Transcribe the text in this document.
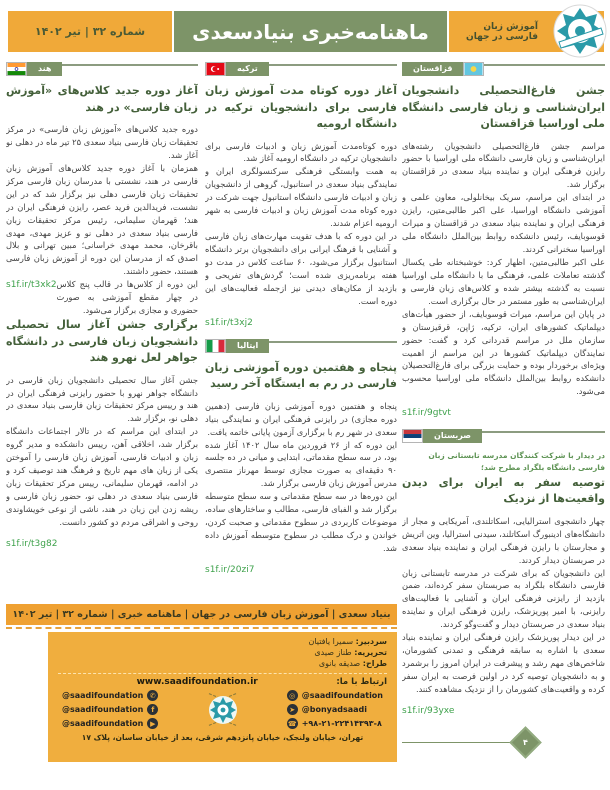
شماره ۳۲ | تیر ۱۴۰۲	ماهنامه‌خبری بنیادسعدی	آموزش زبان فارسی در جهان
قزاقستان
جشن فارغ‌التحصیلی دانشجویان ایران‌شناسی و زبان فارسی دانشگاه ملی اوراسیا قزاقستان

مراسم جشن فارغ‌التحصیلی دانشجویان رشته‌های ایران‌شناسی و زبان فارسی دانشگاه ملی اوراسیا با حضور رایزن فرهنگی ایران و نماینده بنیاد سعدی در قزاقستان برگزار شد.

در ابتدای این مراسم، سریک بیخانلولی، معاون علمی و آموزشی دانشگاه اوراسیا، علی اکبر طالبی‌متین، رایزن فرهنگی ایران و نماینده بنیاد سعدی در قزاقستان و میرات قوسوبایف، رئیس دانشکده روابط بین‌الملل دانشگاه ملی اوراسیا سخنرانی کردند.

علی اکبر طالبی‌متین، اظهار کرد: خوشبختانه طی یکسال گذشته تعاملات علمی، فرهنگی ما با دانشگاه ملی اوراسیا نسبت به گذشته بیشتر شده و کلاس‌های زبان فارسی و ایران‌شناسی به طور مستمر در حال برگزاری است.

در پایان این مراسم، میرات قوسوبایف، از حضور هیأت‌های دیپلماتیک کشورهای ایران، ترکیه، ژاپن، قرقیزستان و سازمان ملل در مراسم قدردانی کرد و گفت: حضور نمایندگان دیپلماتیک کشورها در این مراسم از اهمیت ویژه‌ای برخوردار بوده و حمایت بزرگی برای فارغ‌التحصیلان دانشکده روابط بین‌الملل دانشگاه ملی اوراسیا محسوب می‌شود.

s1f.ir/9gtvt
صربستان
در دیدار با شرکت کنندگان مدرسه تابستانی زبان فارسی دانشگاه بلگراد مطرح شد؛
توصیه سفر به ایران برای دیدن واقعیت‌ها از نزدیک

چهار دانشجوی استرالیایی، اسکاتلندی، آمریکایی و مجار از دانشگاه‌های ادینبورگ اسکاتلند، سیدنی استرالیا، وین اتریش و مجارستان با رایزن فرهنگی ایران و نماینده بنیاد سعدی در صربستان دیدار کردند.

این دانشجویان که برای شرکت در مدرسه تابستانی زبان فارسی دانشگاه بلگراد به صربستان سفر کرده‌اند، ضمن بازدید از رایزنی فرهنگی ایران و آشنایی با فعالیت‌های رایزنی، با امیر پوریزشک، رایزن فرهنگی ایران و نماینده بنیاد سعدی در صربستان دیدار و گفت‌وگو کردند.

در این دیدار پوریزشک رایزن فرهنگی ایران و نماینده بنیاد سعدی با اشاره به سابقه فرهنگی و تمدنی کشورمان، شاخص‌های مهم رشد و پیشرفت در ایران امروز را برشمرد و به دانشجویان توصیه کرد در اولین فرصت به ایران سفر کرده و واقعیت‌های کشورمان را از نزدیک مشاهده کنند.

s1f.ir/93yxe
۴
ترکیه
آغاز دوره کوتاه مدت آموزش زبان فارسی برای دانشجویان ترکیه در دانشگاه ارومیه

دوره کوتاه‌مدت آموزش زبان و ادبیات فارسی برای دانشجویان ترکیه در دانشگاه ارومیه آغاز شد.

به همت وابستگی فرهنگی سرکنسولگری ایران و نمایندگی بنیاد سعدی در استانبول، گروهی از دانشجویان زبان و ادبیات فارسی دانشگاه استانبول جهت شرکت در دوره کوتاه مدت آموزش زبان و ادبیات فارسی به شهر ارومیه اعزام شدند.

در این دوره که با هدف تقویت مهارت‌های زبان فارسی و آشنایی با فرهنگ ایرانی برای دانشجویان برتر دانشگاه استانبول برگزار می‌شود، ۶۰ ساعت کلاس در مدت دو هفته برنامه‌ریزی شده است؛ گردش‌های تفریحی و بازدید از مکان‌های دیدنی نیز ازجمله فعالیت‌های این دوره است.

s1f.ir/t3xj2
ایتالیا
پنجاه و هفتمین دوره آموزشی زبان فارسی در رم به ایستگاه آخر رسید

پنجاه و هفتمین دوره آموزشی زبان فارسی (دهمین دوره مجازی) در رایزنی فرهنگی ایران و نمایندگی بنیاد سعدی در شهر رم با برگزاری آزمون پایانی خاتمه یافت.

این دوره که از ۲۶ فروردین ماه سال ۱۴۰۲ آغاز شده بود، در سه سطح مقدماتی، ابتدایی و میانی در ده جلسه ۹۰ دقیقه‌ای به صورت مجازی توسط مهرناز منتصری مدرس آموزش زبان فارسی برگزار شد.

این دوره‌ها در سه سطح مقدماتی و سه سطح متوسطه برگزار شد و الفبای فارسی، مطالب و ساختارهای ساده، موضوعات کاربردی در سطوح مقدماتی و صحبت کردن، خواندن و درک مطلب در سطوح متوسطه آموزش داده شد.

s1f.ir/20zi7
هند
آغاز دوره جدید کلاس‌های «آموزش زبان فارسی» در هند

دوره جدید کلاس‌های «آموزش زبان فارسی» در مرکز تحقیقات زبان فارسی بنیاد سعدی ۲۵ تیر ماه در دهلی نو آغاز شد.

همزمان با آغاز دوره جدید کلاس‌های آموزش زبان فارسی در هند، نشستی با مدرسان زبان فارسی مرکز تحقیقات زبان فارسی دهلی نیز برگزار شد که در این نشست، فریدالدین فرید عصر، رایزن فرهنگی ایران در هند؛ قهرمان سلیمانی، رئیس مرکز تحقیقات زبان فارسی بنیاد سعدی در دهلی نو و عزیز مهدی، مهدی باقرخان، محمد مهدی خراسانی؛ مبین تهرانی و بلال اصدق که از مدرسان این دوره از آموزش زبان فارسی هستند، حضور داشتند.

s1f.ir/t3xk2 این دوره از کلاس‌ها در قالب پنج کلاس در چهار مقطع آموزشی به صورت حضوری و مجازی برگزار می‌شود.

برگزاری جشن آغاز سال تحصیلی دانشجویان زبان فارسی در دانشگاه جواهر لعل نهرو هند

جشن آغاز سال تحصیلی دانشجویان زبان فارسی در دانشگاه جواهر نهرو با حضور رایزنی فرهنگی ایران در هند و رییس مرکز تحقیقات زبان فارسی بنیاد سعدی در دهلی نو، برگزار شد.

در ابتدای این مراسم که در تالار اجتماعات دانشگاه برگزار شد، اخلاقی آهن، رییس دانشکده و مدیر گروه زبان و ادبیات فارسی، آموزش زبان فارسی را آموختن یکی از زبان های مهم تاریخ و فرهنگ هند توصیف کرد و در ادامه، قهرمان سلیمانی، رییس مرکز تحقیقات زبان فارسی بنیاد سعدی در دهلی نو، حضور زبان فارسی و ریشه زدن این زبان در هند، ناشی از نوعی خویشاوندی روحی و اشراقی مردم دو کشور دانست.

s1f.ir/t3g82
بنیاد سعدی | آموزش زبان فارسی در جهان | ماهنامه خبری | شماره ۳۲ | تیر ۱۴۰۲
سردبیر: سمیرا یافتیان
تحریریه: طناز صیدی
طراح: صدیقه بانوی
ارتباط با ما:
www.saadifoundation.ir
@saadifoundation ✆
@saadifoundation	f
@saadifoundation ▶
◎ @saadifoundation
➤ @bonyadsaadi
☎ +۹۸-۲۱-۲۲۴۱۴۳۹۳-۸
تهران، خیابان ولنجک، خیابان پانزدهم شرقی، بعد از خیابان ساسان، پلاک ۱۷
